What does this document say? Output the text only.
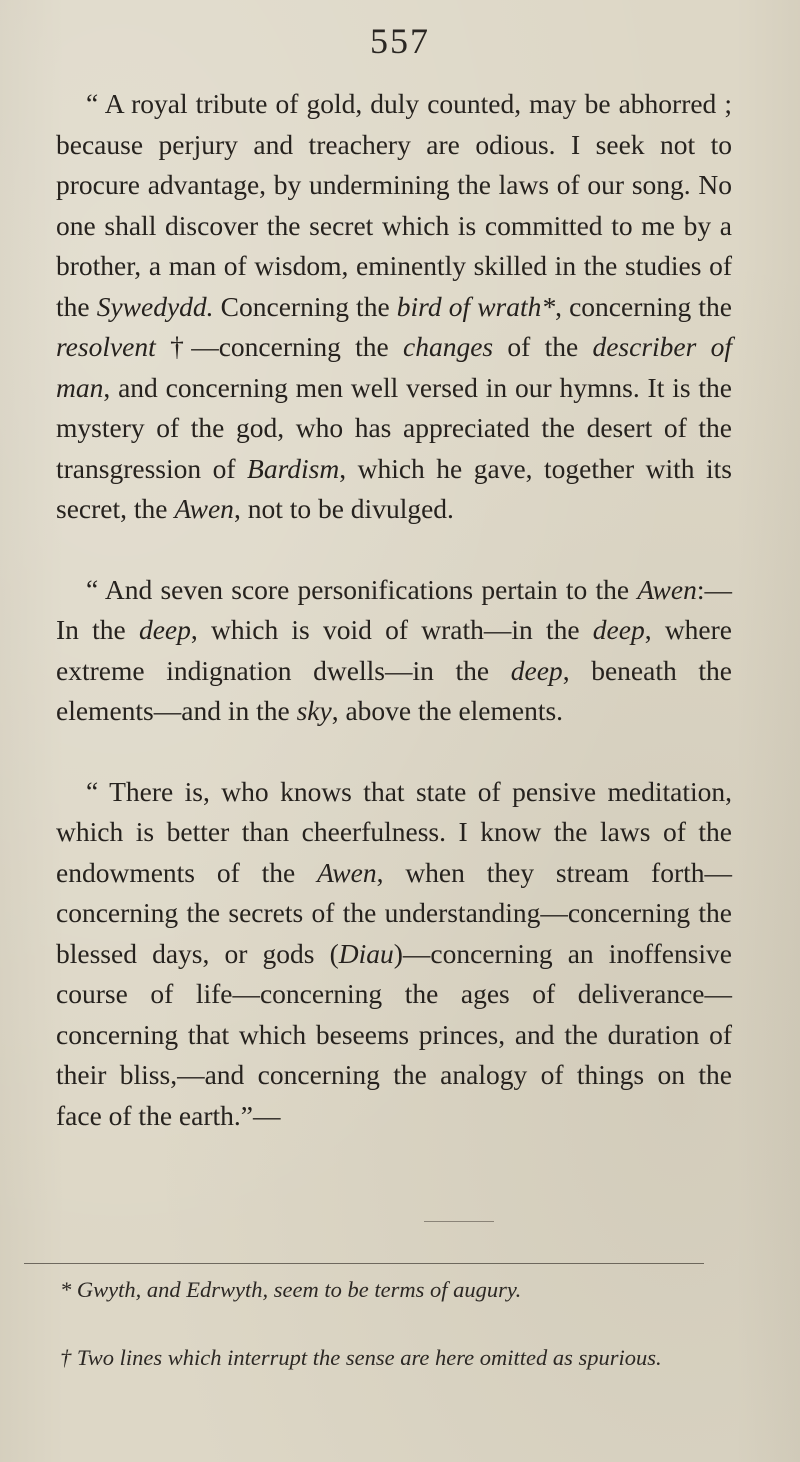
557

“ A royal tribute of gold, duly counted, may be abhorred ; because perjury and treachery are odious. I seek not to procure advantage, by undermining the laws of our song. No one shall discover the secret which is committed to me by a brother, a man of wisdom, eminently skilled in the studies of the Sywedydd. Concerning the bird of wrath*, concerning the resolvent †—concerning the changes of the describer of man, and concerning men well versed in our hymns. It is the mystery of the god, who has appreciated the desert of the transgression of Bardism, which he gave, together with its secret, the Awen, not to be divulged.

“ And seven score personifications pertain to the Awen:— In the deep, which is void of wrath—in the deep, where extreme indignation dwells—in the deep, beneath the elements—and in the sky, above the elements.

“ There is, who knows that state of pensive meditation, which is better than cheerfulness. I know the laws of the endowments of the Awen, when they stream forth—concerning the secrets of the understanding—concerning the blessed days, or gods (Diau)—concerning an inoffensive course of life—concerning the ages of deliverance—concerning that which beseems princes, and the duration of their bliss,—and concerning the analogy of things on the face of the earth.”—

* Gwyth, and Edrwyth, seem to be terms of augury.
† Two lines which interrupt the sense are here omitted as spurious.
